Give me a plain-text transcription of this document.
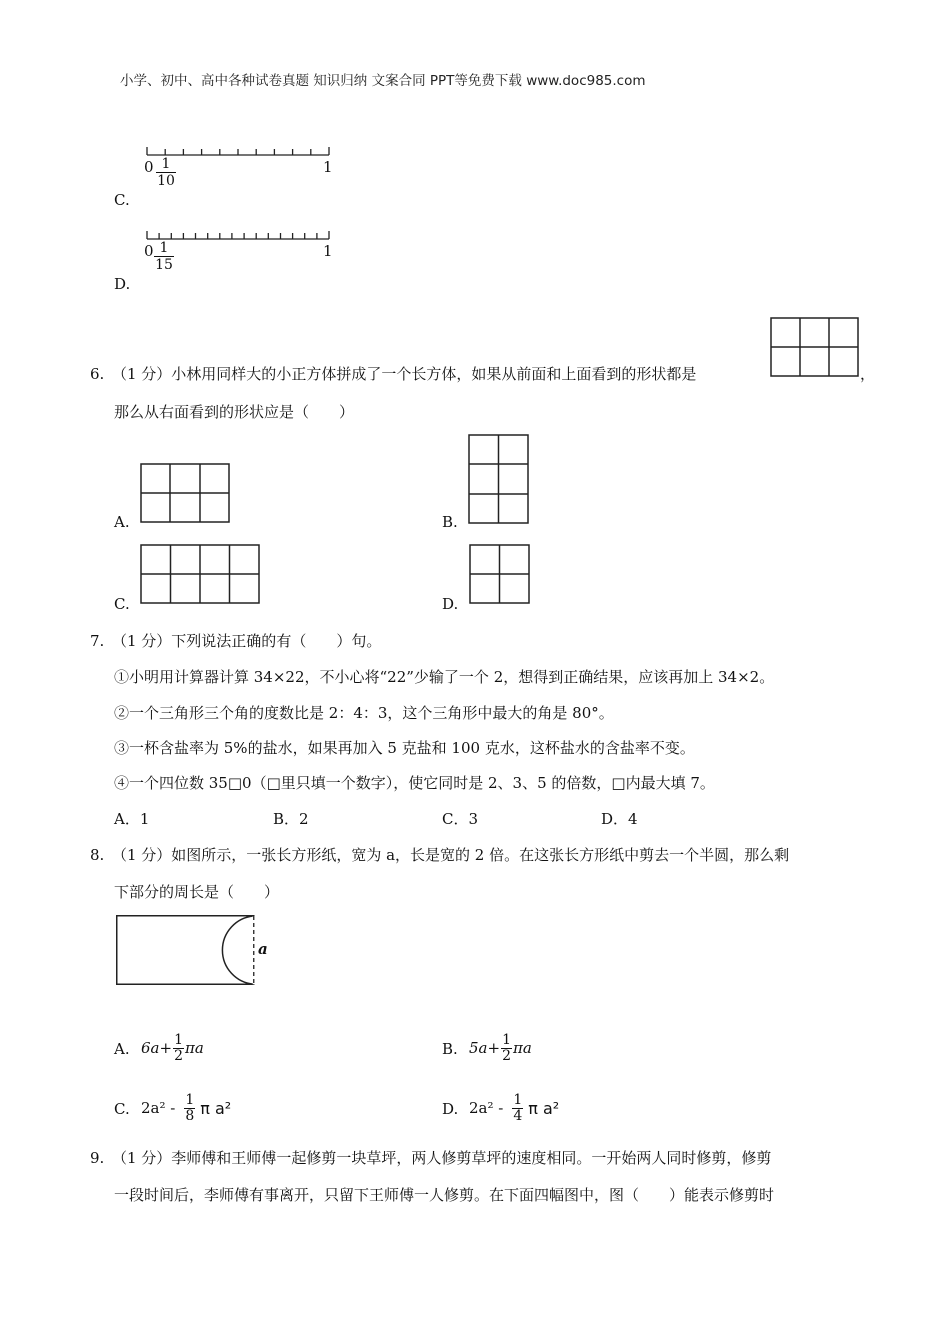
小学、初中、高中各种试卷真题 知识归纳 文案合同 PPT等免费下载 www.doc985.com
$0 \frac{1}{10}$	1
C.
$0 \frac{1}{15}$	1
D.
6. （1 分）小林用同样大的小正方体拼成了一个长方体，如果从前面和上面看到的形状都是	，
那么从右面看到的形状应是（　　）
A.	B.
C.	D.
7. （1 分）下列说法正确的有（　　）句。
①小明用计算器计算 34×22，不小心将“22”少输了一个 2，想得到正确结果，应该再加上 34×2。
②一个三角形三个角的度数比是 2：4：3，这个三角形中最大的角是 80°。
③一杯含盐率为 5%的盐水，如果再加入 5 克盐和 100 克水，这杯盐水的含盐率不变。
④一个四位数 35□0（□里只填一个数字），使它同时是 2、3、5 的倍数，□内最大填 7。
A．1	B．2	C．3	D．4
8. （1 分）如图所示，一张长方形纸，宽为 a，长是宽的 2 倍。在这张长方形纸中剪去一个半圆，那么剩
下部分的周长是（　　）
a
A. $6a+ \frac{1}{2}$ πa	B. $5a+ \frac{1}{2}$ πa
C. $2a^2 - \frac{1}{8}$ π a²	D. $2a^2 - \frac{1}{4}$ π a²
9. （1 分）李师傅和王师傅一起修剪一块草坪，两人修剪草坪的速度相同。一开始两人同时修剪，修剪
一段时间后，李师傅有事离开，只留下王师傅一人修剪。在下面四幅图中，图（　　）能表示修剪时
